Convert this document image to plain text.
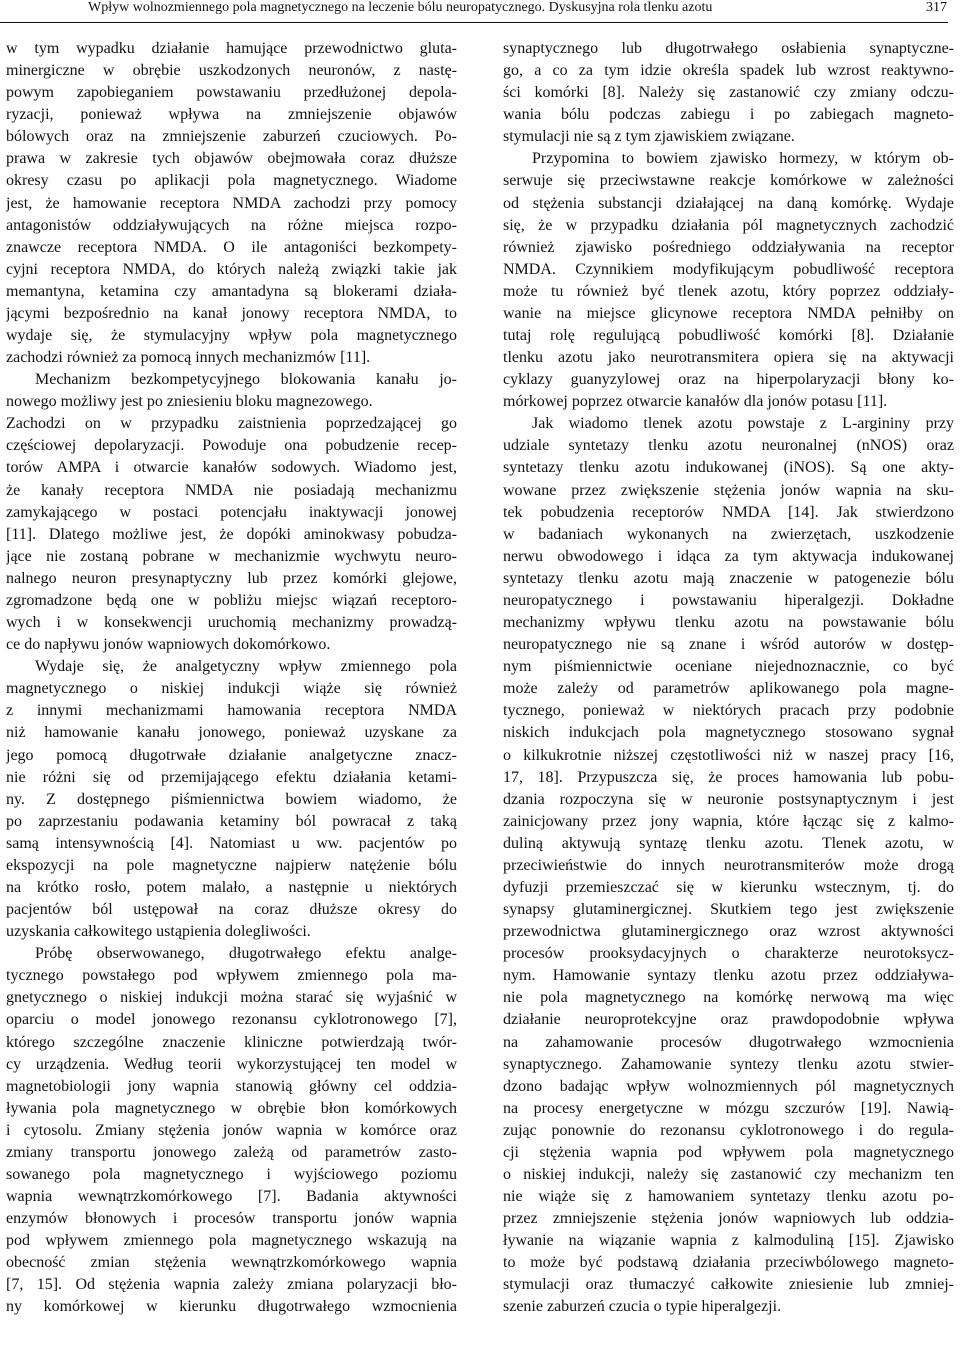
Wpływ wolnozmiennego pola magnetycznego na leczenie bólu neuropatycznego. Dyskusyjna rola tlenku azotu	317
w tym wypadku działanie hamujące przewodnictwo gluta-
minergiczne w obrębie uszkodzonych neuronów, z nastę-
powym zapobieganiem powstawaniu przedłużonej depola-
ryzacji, ponieważ wpływa na zmniejszenie objawów
bólowych oraz na zmniejszenie zaburzeń czuciowych. Po-
prawa w zakresie tych objawów obejmowała coraz dłuższe
okresy czasu po aplikacji pola magnetycznego. Wiadome
jest, że hamowanie receptora NMDA zachodzi przy pomocy
antagonistów oddziaływujących na różne miejsca rozpo-
znawcze receptora NMDA. O ile antagoniści bezkompety-
cyjni receptora NMDA, do których należą związki takie jak
memantyna, ketamina czy amantadyna są blokerami działa-
jącymi bezpośrednio na kanał jonowy receptora NMDA, to
wydaje się, że stymulacyjny wpływ pola magnetycznego
zachodzi również za pomocą innych mechanizmów [11].
Mechanizm bezkompetycyjnego blokowania kanału jo-
nowego możliwy jest po zniesieniu bloku magnezowego.
Zachodzi on w przypadku zaistnienia poprzedzającej go
częściowej depolaryzacji. Powoduje ona pobudzenie recep-
torów AMPA i otwarcie kanałów sodowych. Wiadomo jest,
że kanały receptora NMDA nie posiadają mechanizmu
zamykającego w postaci potencjału inaktywacji jonowej
[11]. Dlatego możliwe jest, że dopóki aminokwasy pobudza-
jące nie zostaną pobrane w mechanizmie wychwytu neuro-
nalnego neuron presynaptyczny lub przez komórki glejowe,
zgromadzone będą one w pobliżu miejsc wiązań receptoro-
wych i w konsekwencji uruchomią mechanizmy prowadzą-
ce do napływu jonów wapniowych dokomórkowo.
Wydaje się, że analgetyczny wpływ zmiennego pola
magnetycznego o niskiej indukcji wiąże się również
z innymi mechanizmami hamowania receptora NMDA
niż hamowanie kanału jonowego, ponieważ uzyskane za
jego pomocą długotrwałe działanie analgetyczne znacz-
nie różni się od przemijającego efektu działania ketami-
ny. Z dostępnego piśmiennictwa bowiem wiadomo, że
po zaprzestaniu podawania ketaminy ból powracał z taką
samą intensywnością [4]. Natomiast u ww. pacjentów po
ekspozycji na pole magnetyczne najpierw natężenie bólu
na krótko rosło, potem malało, a następnie u niektórych
pacjentów ból ustępował na coraz dłuższe okresy do
uzyskania całkowitego ustąpienia dolegliwości.
Próbę obserwowanego, długotrwałego efektu analge-
tycznego powstałego pod wpływem zmiennego pola ma-
gnetycznego o niskiej indukcji można starać się wyjaśnić w
oparciu o model jonowego rezonansu cyklotronowego [7],
którego szczególne znaczenie kliniczne potwierdzają twór-
cy urządzenia. Według teorii wykorzystującej ten model w
magnetobiologii jony wapnia stanowią główny cel oddzia-
ływania pola magnetycznego w obrębie błon komórkowych
i cytosolu. Zmiany stężenia jonów wapnia w komórce oraz
zmiany transportu jonowego zależą od parametrów zasto-
sowanego pola magnetycznego i wyjściowego poziomu
wapnia wewnątrzkomórkowego [7]. Badania aktywności
enzymów błonowych i procesów transportu jonów wapnia
pod wpływem zmiennego pola magnetycznego wskazują na
obecność zmian stężenia wewnątrzkomórkowego wapnia
[7, 15]. Od stężenia wapnia zależy zmiana polaryzacji bło-
ny komórkowej w kierunku długotrwałego wzmocnienia
synaptycznego lub długotrwałego osłabienia synaptyczne-
go, a co za tym idzie określa spadek lub wzrost reaktywno-
ści komórki [8]. Należy się zastanowić czy zmiany odczu-
wania bólu podczas zabiegu i po zabiegach magneto-
stymulacji nie są z tym zjawiskiem związane.
Przypomina to bowiem zjawisko hormezy, w którym ob-
serwuje się przeciwstawne reakcje komórkowe w zależności
od stężenia substancji działającej na daną komórkę. Wydaje
się, że w przypadku działania pól magnetycznych zachodzić
również zjawisko pośredniego oddziaływania na receptor
NMDA. Czynnikiem modyfikującym pobudliwość receptora
może tu również być tlenek azotu, który poprzez oddziały-
wanie na miejsce glicynowe receptora NMDA pełniłby on
tutaj rolę regulującą pobudliwość komórki [8]. Działanie
tlenku azotu jako neurotransmitera opiera się na aktywacji
cyklazy guanyzylowej oraz na hiperpolaryzacji błony ko-
mórkowej poprzez otwarcie kanałów dla jonów potasu [11].
Jak wiadomo tlenek azotu powstaje z L-argininy przy
udziale syntetazy tlenku azotu neuronalnej (nNOS) oraz
syntetazy tlenku azotu indukowanej (iNOS). Są one akty-
wowane przez zwiększenie stężenia jonów wapnia na sku-
tek pobudzenia receptorów NMDA [14]. Jak stwierdzono
w badaniach wykonanych na zwierzętach, uszkodzenie
nerwu obwodowego i idąca za tym aktywacja indukowanej
syntetazy tlenku azotu mają znaczenie w patogenezie bólu
neuropatycznego i powstawaniu hiperalgezji. Dokładne
mechanizmy wpływu tlenku azotu na powstawanie bólu
neuropatycznego nie są znane i wśród autorów w dostęp-
nym piśmiennictwie oceniane niejednoznacznie, co być
może zależy od parametrów aplikowanego pola magne-
tycznego, ponieważ w niektórych pracach przy podobnie
niskich indukcjach pola magnetycznego stosowano sygnał
o kilkukrotnie niższej częstotliwości niż w naszej pracy [16,
17, 18]. Przypuszcza się, że proces hamowania lub pobu-
dzania rozpoczyna się w neuronie postsynaptycznym i jest
zainicjowany przez jony wapnia, które łącząc się z kalmo-
duliną aktywują syntazę tlenku azotu. Tlenek azotu, w
przeciwieństwie do innych neurotransmiterów może drogą
dyfuzji przemieszczać się w kierunku wstecznym, tj. do
synapsy glutaminergicznej. Skutkiem tego jest zwiększenie
przewodnictwa glutaminergicznego oraz wzrost aktywności
procesów prooksydacyjnych o charakterze neurotoksycz-
nym. Hamowanie syntazy tlenku azotu przez oddziaływa-
nie pola magnetycznego na komórkę nerwową ma więc
działanie neuroprotekcyjne oraz prawdopodobnie wpływa
na zahamowanie procesów długotrwałego wzmocnienia
synaptycznego. Zahamowanie syntezy tlenku azotu stwier-
dzono badając wpływ wolnozmiennych pól magnetycznych
na procesy energetyczne w mózgu szczurów [19]. Nawią-
zując ponownie do rezonansu cyklotronowego i do regula-
cji stężenia wapnia pod wpływem pola magnetycznego
o niskiej indukcji, należy się zastanowić czy mechanizm ten
nie wiąże się z hamowaniem syntetazy tlenku azotu po-
przez zmniejszenie stężenia jonów wapniowych lub oddzia-
ływanie na wiązanie wapnia z kalmoduliną [15]. Zjawisko
to może być podstawą działania przeciwbólowego magneto-
stymulacji oraz tłumaczyć całkowite zniesienie lub zmniej-
szenie zaburzeń czucia o typie hiperalgezji.
